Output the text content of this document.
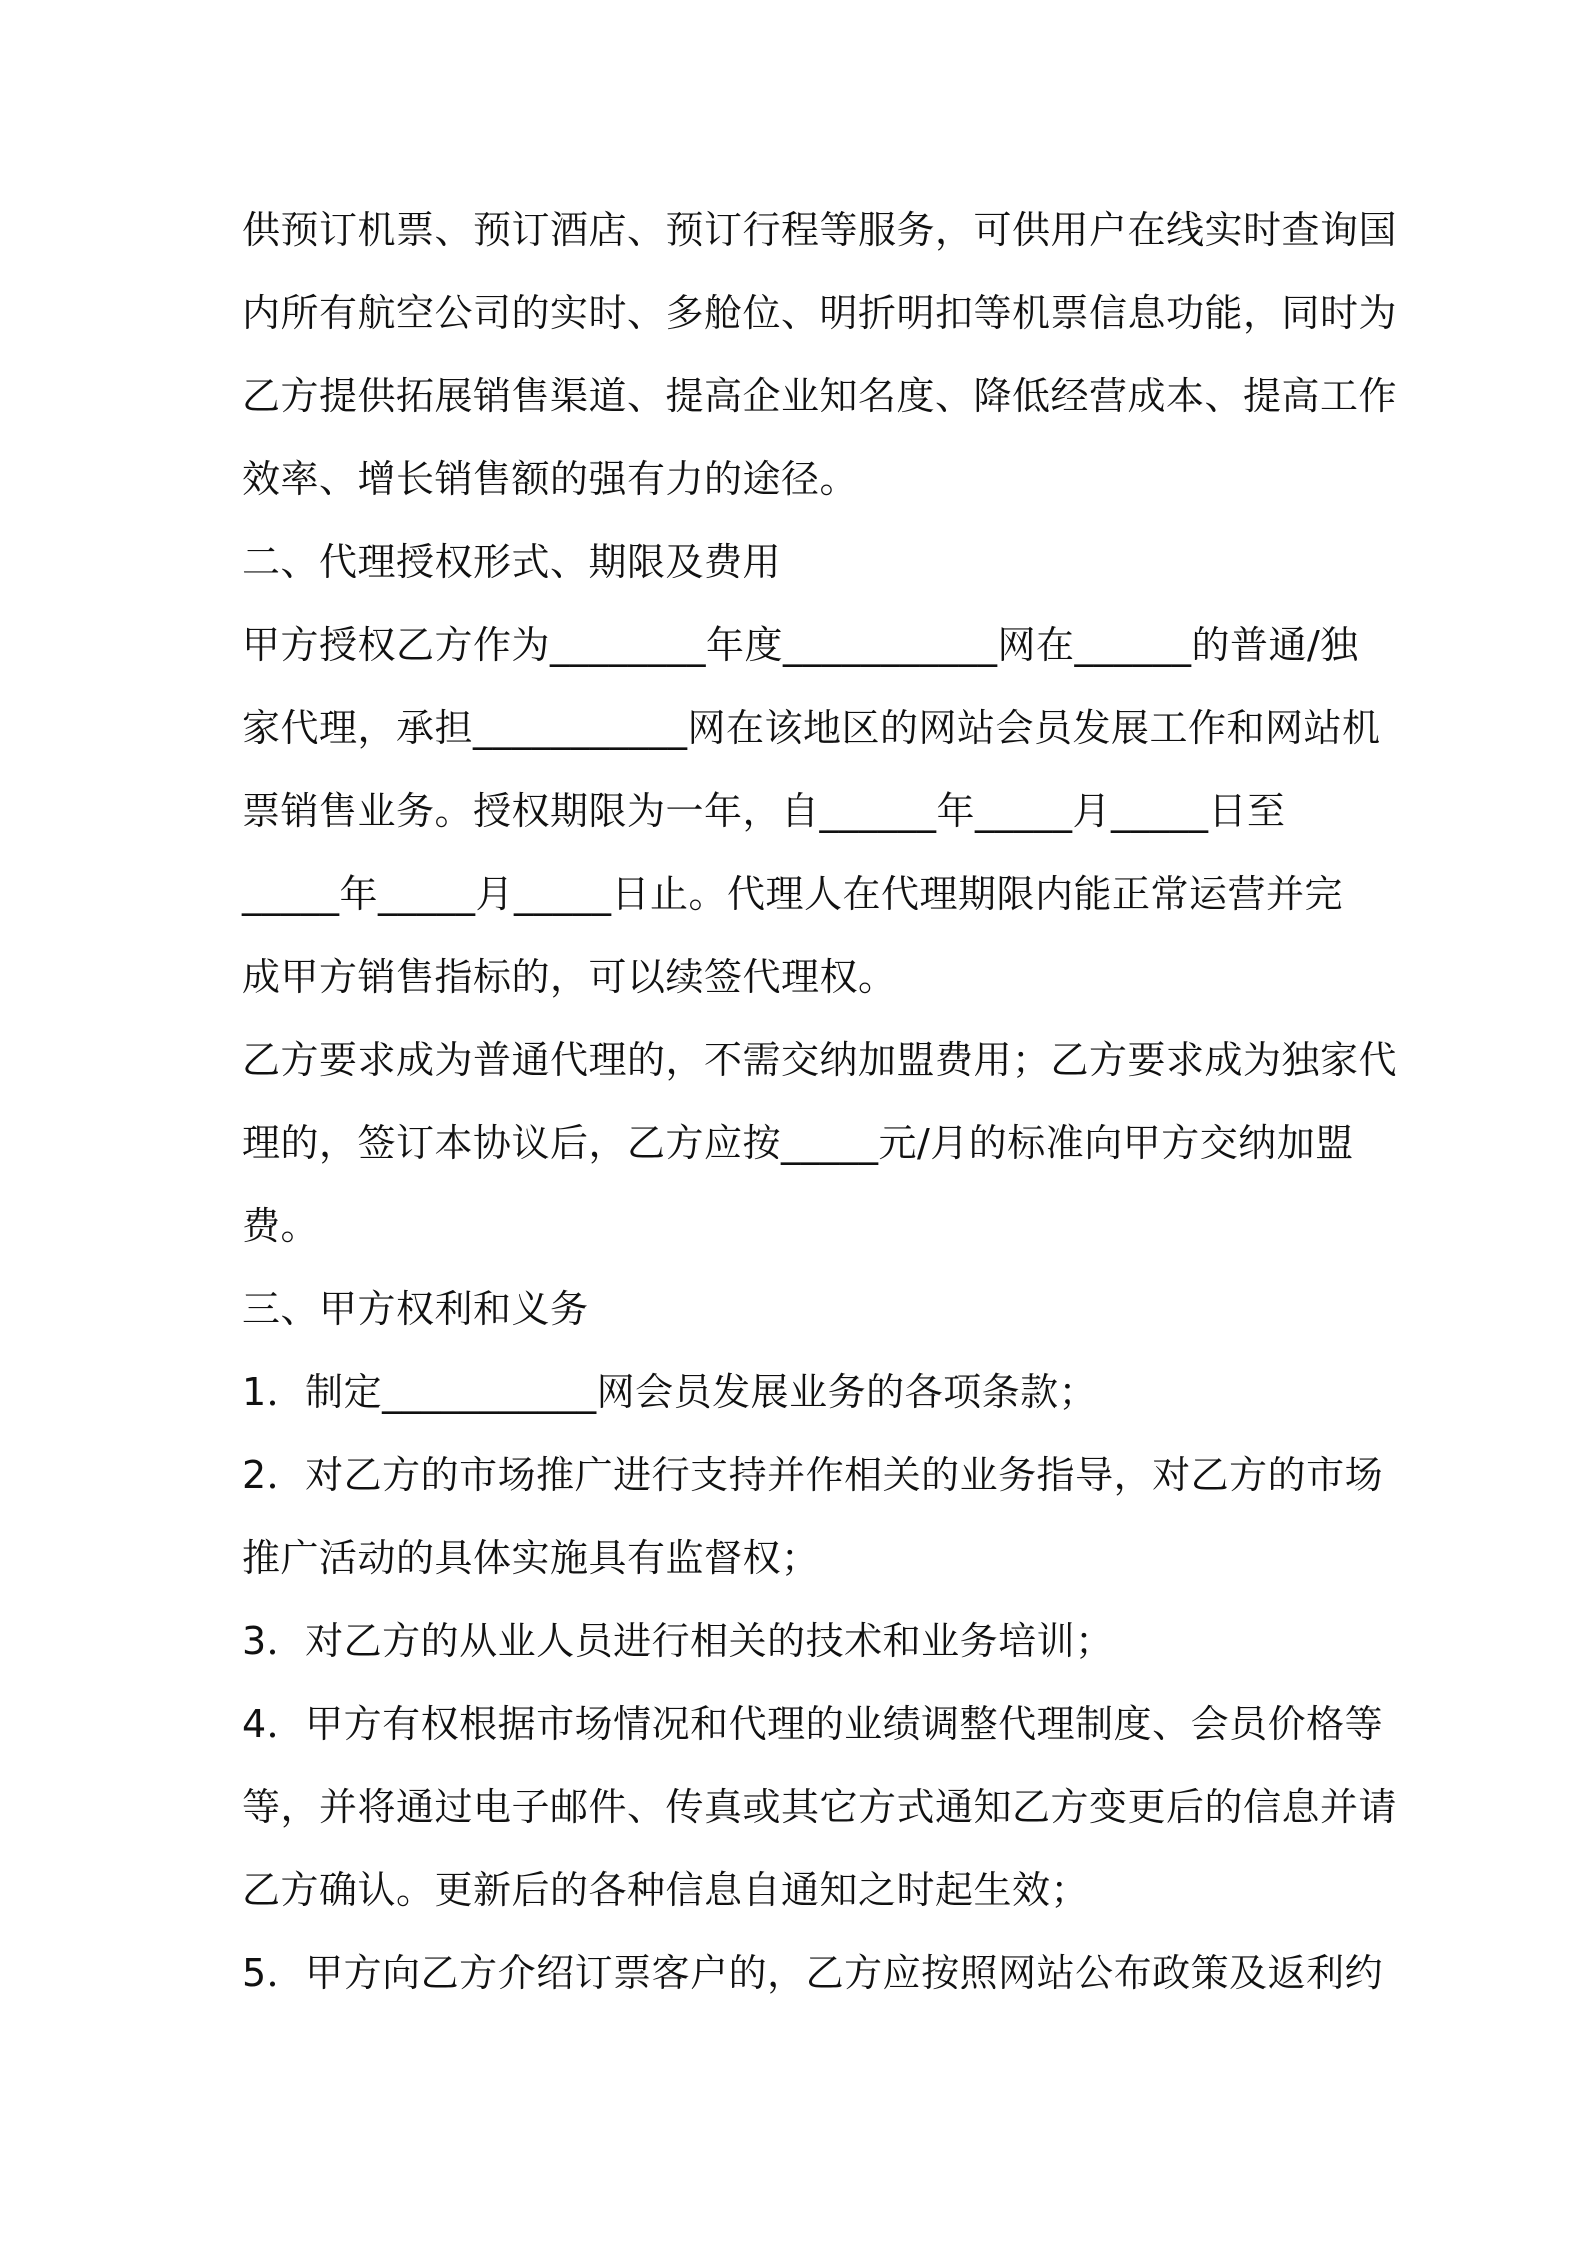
供预订机票、预订酒店、预订行程等服务，可供用户在线实时查询国
内所有航空公司的实时、多舱位、明折明扣等机票信息功能，同时为
乙方提供拓展销售渠道、提高企业知名度、降低经营成本、提高工作
效率、增长销售额的强有力的途径。
二、代理授权形式、期限及费用
甲方授权乙方作为________年度___________网在______的普通/独
家代理，承担___________网在该地区的网站会员发展工作和网站机
票销售业务。授权期限为一年，自______年_____月_____日至
_____年_____月_____日止。代理人在代理期限内能正常运营并完
成甲方销售指标的，可以续签代理权。
乙方要求成为普通代理的，不需交纳加盟费用；乙方要求成为独家代
理的，签订本协议后，乙方应按_____元/月的标准向甲方交纳加盟
费。
三、甲方权利和义务
1．制定___________网会员发展业务的各项条款；
2．对乙方的市场推广进行支持并作相关的业务指导，对乙方的市场
推广活动的具体实施具有监督权；
3．对乙方的从业人员进行相关的技术和业务培训；
4．甲方有权根据市场情况和代理的业绩调整代理制度、会员价格等
等，并将通过电子邮件、传真或其它方式通知乙方变更后的信息并请
乙方确认。更新后的各种信息自通知之时起生效；
5．甲方向乙方介绍订票客户的，乙方应按照网站公布政策及返利约
